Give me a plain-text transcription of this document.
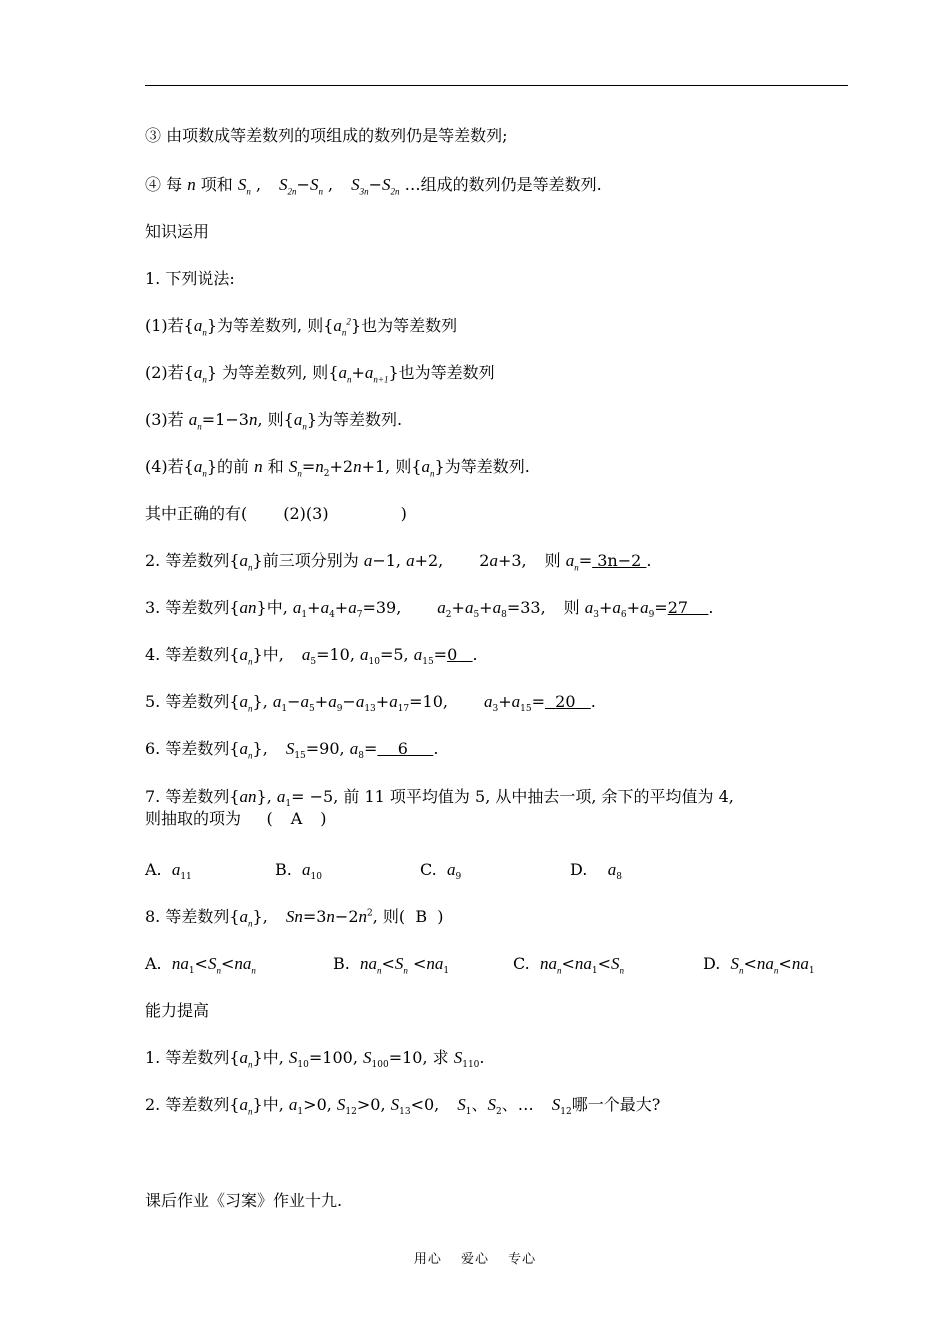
③ 由项数成等差数列的项组成的数列仍是等差数列;
④ 每 n 项和 $S_n$ , $S_{2n}-S_n$ , $S_{3n}-S_{2n}$ …组成的数列仍是等差数列.
知识运用
1. 下列说法:
(1)若$\{a_n\}$为等差数列, 则$\{a_n^2\}$也为等差数列
(2)若$\{a_n\}$ 为等差数列, 则$\{a_n+a_{n+1}\}$也为等差数列
(3)若 $a_n=1-3n$, 则$\{a_n\}$为等差数列.
(4)若$\{a_n\}$的前 n 和 $S_n=n_2+2n+1$, 则$\{a_n\}$为等差数列.
其中正确的有( (2)(3)	)
2. 等差数列$\{a_n\}$前三项分别为 a−1, a+2, 2a+3, 则 $a_n= 3n-2$ .
3. 等差数列{an}中, $a_1+a_4+a_7=39$, $a_2+a_5+a_8=33$, 则 $a_3+a_6+a_9=27$ .
4. 等差数列$\{a_n\}$中, $a_5=10$, $a_{10}=5$, $a_{15}=0$ .
5. 等差数列$\{a_n\}$, $a_1-a_5+a_9-a_{13}+a_{17}=10$, $a_3+a_{15}= 20$ .
6. 等差数列$\{a_n\}$, $S_{15}=90$, $a_8= 6$ .
7. 等差数列{an}, $a_1= -5$, 前 11 项平均值为 5, 从中抽去一项, 余下的平均值为 4,
则抽取的项为     ( A )
A. $a_{11}$	B. $a_{10}$	C. $a_9$	D. $a_8$
8. 等差数列$\{a_n\}$, $Sn=3n-2n^2$, 则(  B  )
A. $na_1<S_n<na_n$	B. $na_n<S_n <na_1$	C. $na_n<na_1<S_n$	D. $S_n<na_n<na_1$
能力提高
1. 等差数列$\{a_n\}$中, $S_{10}=100$, $S_{100}=10$, 求 $S_{110}$.
2. 等差数列$\{a_n\}$中, $a_1>0$, $S_{12}>0$, $S_{13}<0$, $S_1$、$S_2$、… $S_{12}$哪一个最大?
课后作业《习案》作业十九.
用心　 爱心　 专心
